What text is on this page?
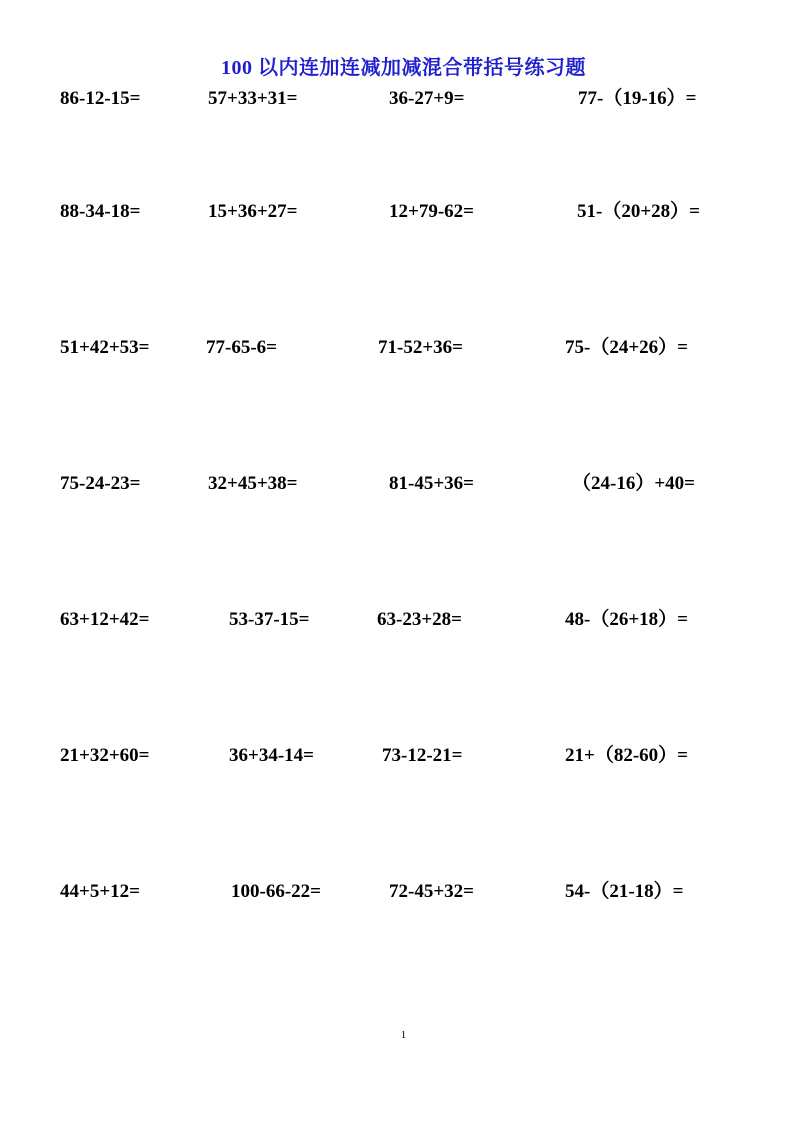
100 以内连加连减加减混合带括号练习题
86-12-15=	57+33+31=	36-27+9=	77-（19-16）=
88-34-18=	15+36+27=	12+79-62=	51-（20+28）=
51+42+53=	77-65-6=	71-52+36=	75-（24+26）=
75-24-23=	32+45+38=	81-45+36=	（24-16）+40=
63+12+42=	53-37-15=	63-23+28=	48-（26+18）=
21+32+60=	36+34-14=	73-12-21=	21+（82-60）=
44+5+12=	100-66-22=	72-45+32=	54-（21-18）=
1
